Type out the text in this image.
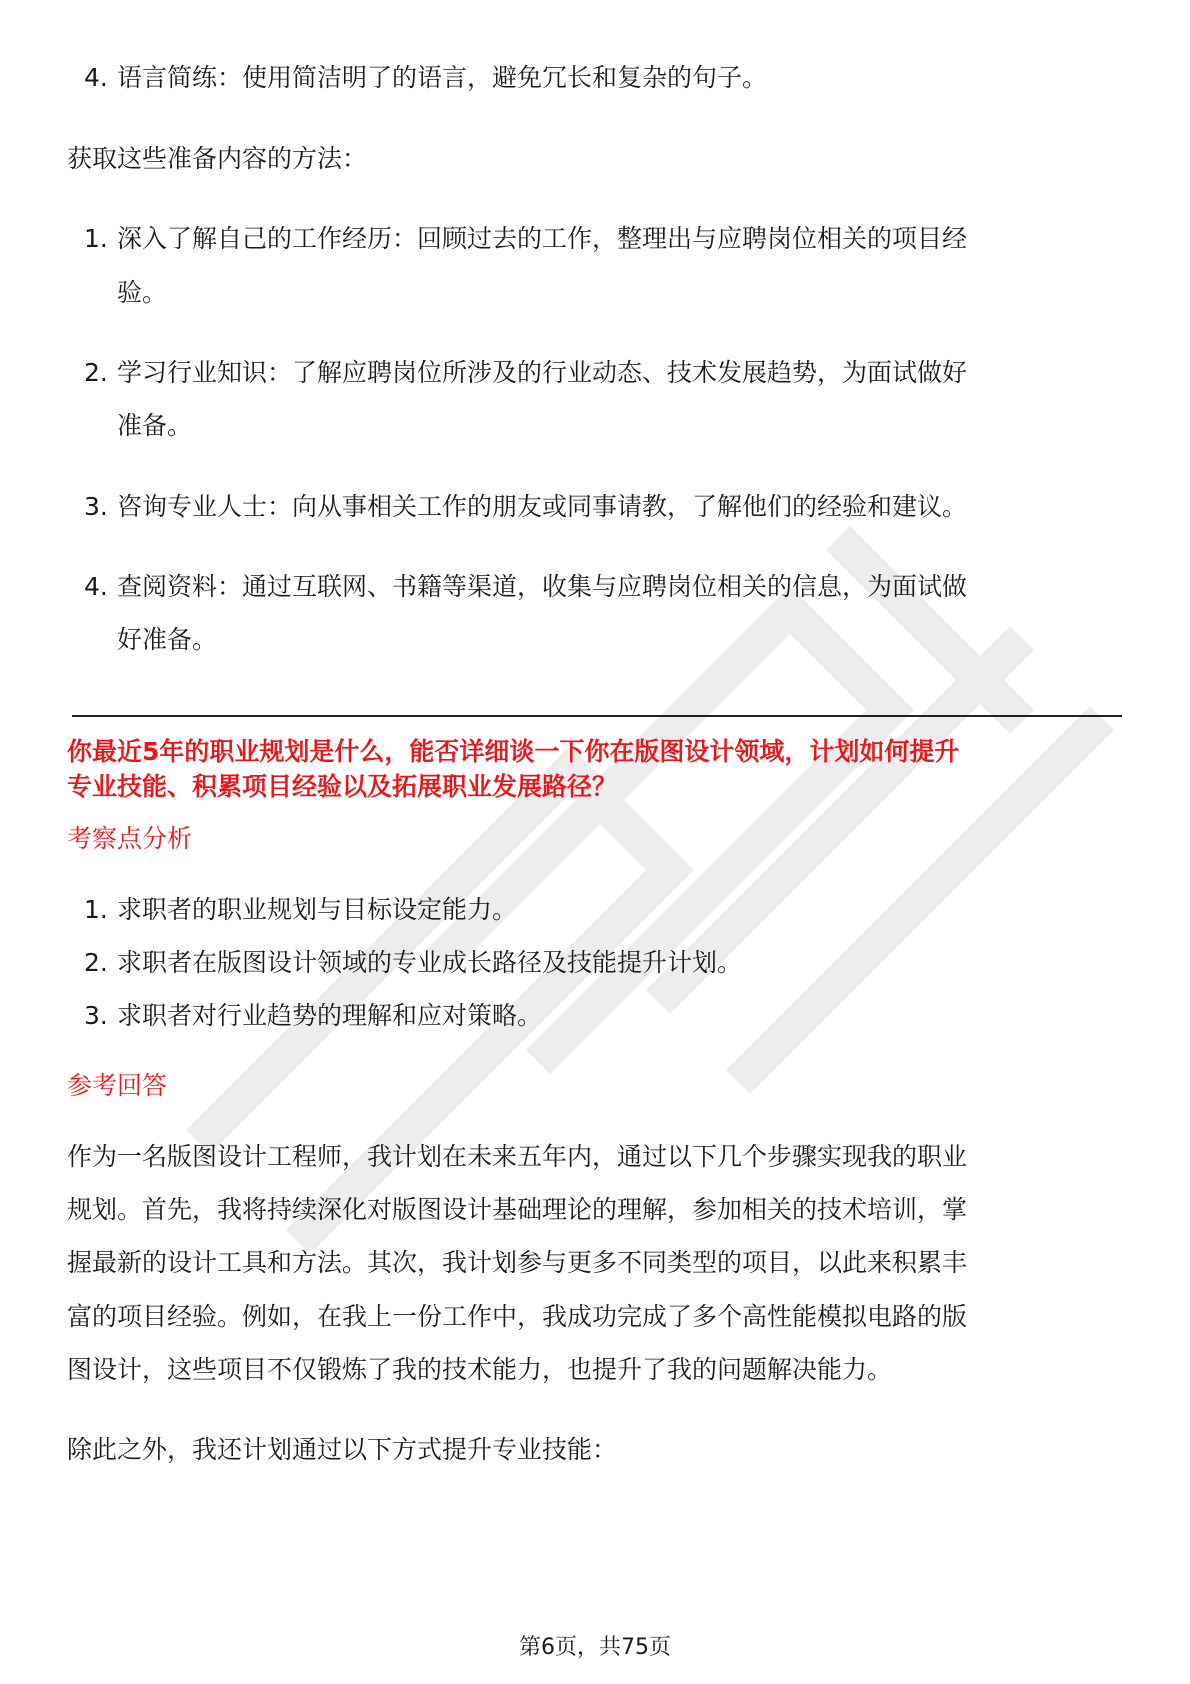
4. 语言简练：使用简洁明了的语言，避免冗长和复杂的句子。
获取这些准备内容的方法：
1. 深入了解自己的工作经历：回顾过去的工作，整理出与应聘岗位相关的项目经
验。
2. 学习行业知识：了解应聘岗位所涉及的行业动态、技术发展趋势，为面试做好
准备。
3. 咨询专业人士：向从事相关工作的朋友或同事请教，了解他们的经验和建议。
4. 查阅资料：通过互联网、书籍等渠道，收集与应聘岗位相关的信息，为面试做
好准备。
你最近5年的职业规划是什么，能否详细谈一下你在版图设计领域，计划如何提升
专业技能、积累项目经验以及拓展职业发展路径？
考察点分析
1. 求职者的职业规划与目标设定能力。
2. 求职者在版图设计领域的专业成长路径及技能提升计划。
3. 求职者对行业趋势的理解和应对策略。
参考回答
作为一名版图设计工程师，我计划在未来五年内，通过以下几个步骤实现我的职业
规划。首先，我将持续深化对版图设计基础理论的理解，参加相关的技术培训，掌
握最新的设计工具和方法。其次，我计划参与更多不同类型的项目，以此来积累丰
富的项目经验。例如，在我上一份工作中，我成功完成了多个高性能模拟电路的版
图设计，这些项目不仅锻炼了我的技术能力，也提升了我的问题解决能力。
除此之外，我还计划通过以下方式提升专业技能：
第6页，共75页
